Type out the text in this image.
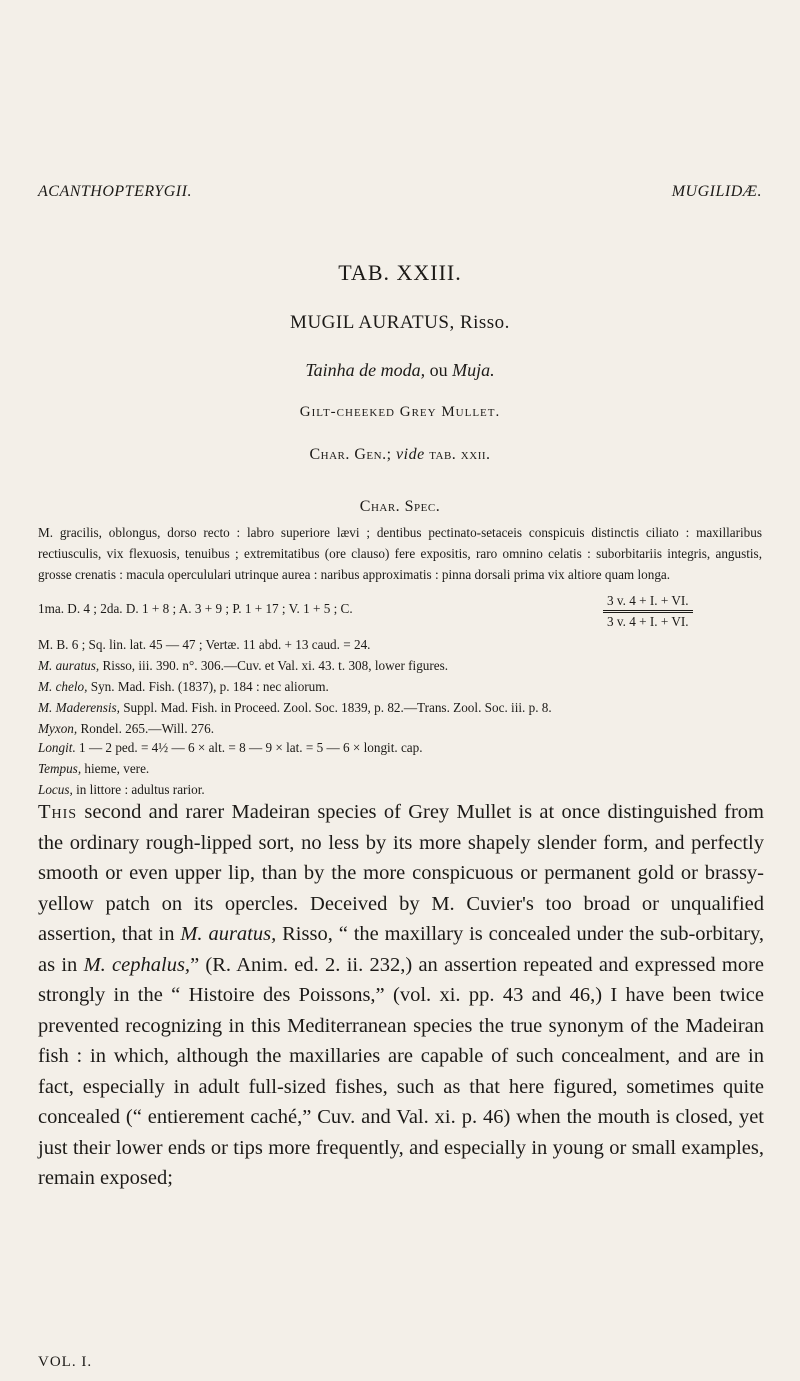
ACANTHOPTERYGII.	MUGILIDÆ.
TAB. XXIII.
MUGIL AURATUS, Risso.
Tainha de moda, ou Muja.
Gilt-cheeked Grey Mullet.
Char. Gen.; vide tab. xxii.
Char. Spec.
M. gracilis, oblongus, dorso recto : labro superiore lævi ; dentibus pectinato-setaceis conspicuis distinctis ciliato : maxillaribus rectiusculis, vix flexuosis, tenuibus ; extremitatibus (ore clauso) fere expositis, raro omnino celatis : suborbitariis integris, angustis, grosse crenatis : macula opercululari utrinque aurea : naribus approximatis : pinna dorsali prima vix altiore quam longa.
1ma. D. 4 ; 2da. D. 1 + 8 ; A. 3 + 9 ; P. 1 + 17 ; V. 1 + 5 ; C.	$\frac{3 v. 4 + I. + VI.}{3 v. 4 + I. + VI.}$
M. B. 6 ; Sq. lin. lat. 45 — 47 ; Vertæ. 11 abd. + 13 caud. = 24.
M. auratus, Risso, iii. 390. n°. 306.—Cuv. et Val. xi. 43. t. 308, lower figures.
M. chelo, Syn. Mad. Fish. (1837), p. 184 : nec aliorum.
M. Maderensis, Suppl. Mad. Fish. in Proceed. Zool. Soc. 1839, p. 82.—Trans. Zool. Soc. iii. p. 8.
Myxon, Rondel. 265.—Will. 276.
Longit. 1 — 2 ped. = 4½ — 6 × alt. = 8 — 9 × lat. = 5 — 6 × longit. cap.
Tempus, hieme, vere.
Locus, in littore : adultus rarior.
This second and rarer Madeiran species of Grey Mullet is at once distinguished from the ordinary rough-lipped sort, no less by its more shapely slender form, and perfectly smooth or even upper lip, than by the more conspicuous or permanent gold or brassy-yellow patch on its opercles. Deceived by M. Cuvier's too broad or unqualified assertion, that in M. auratus, Risso, “ the maxillary is concealed under the sub-orbitary, as in M. cephalus,” (R. Anim. ed. 2. ii. 232,) an assertion repeated and expressed more strongly in the “ Histoire des Poissons,” (vol. xi. pp. 43 and 46,) I have been twice prevented recognizing in this Mediterranean species the true synonym of the Madeiran fish : in which, although the maxillaries are capable of such concealment, and are in fact, especially in adult full-sized fishes, such as that here figured, sometimes quite concealed (“ entierement caché,” Cuv. and Val. xi. p. 46) when the mouth is closed, yet just their lower ends or tips more frequently, and especially in young or small examples, remain exposed;
VOL. I.
